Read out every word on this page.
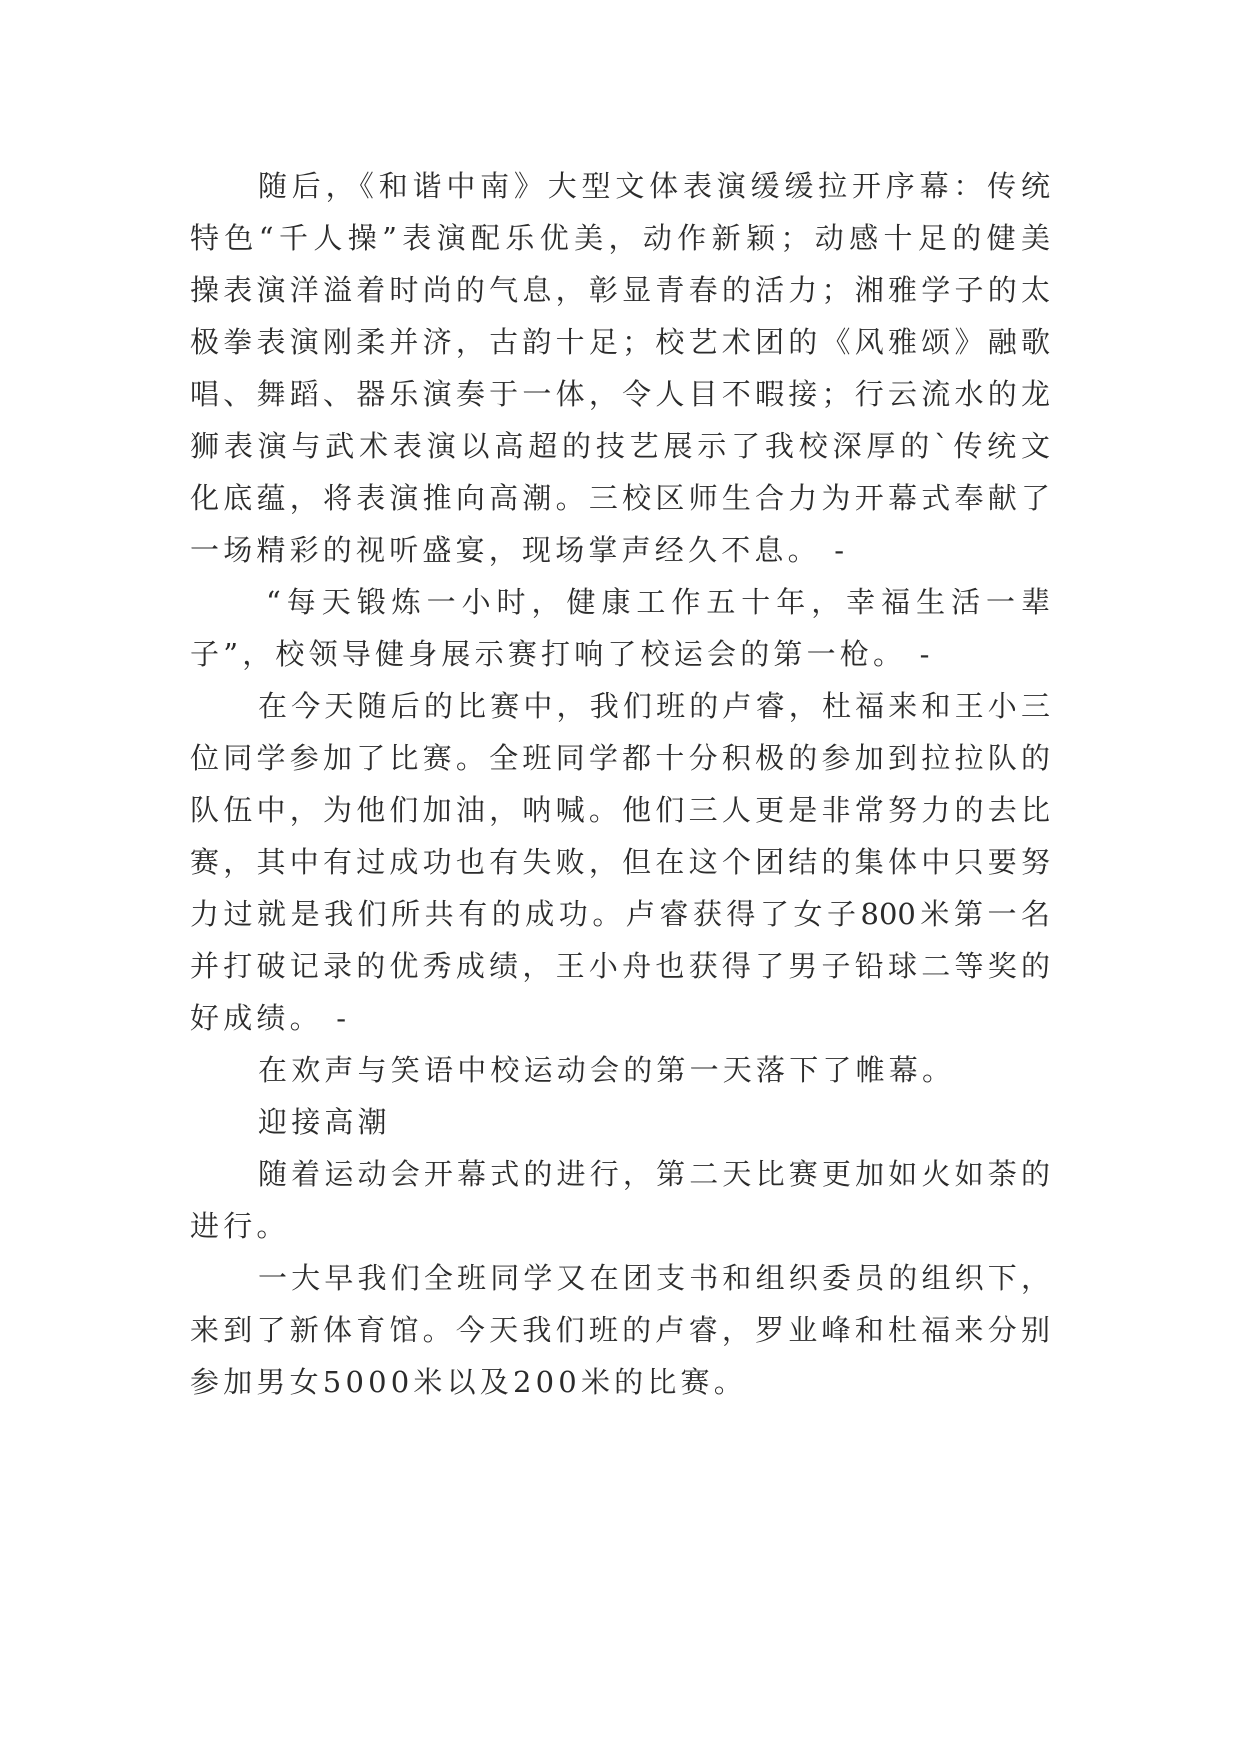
随后，《和谐中南》大型文体表演缓缓拉开序幕：传统
特色“千人操”表演配乐优美，动作新颖；动感十足的健美
操表演洋溢着时尚的气息，彰显青春的活力；湘雅学子的太
极拳表演刚柔并济，古韵十足；校艺术团的《风雅颂》融歌
唱、舞蹈、器乐演奏于一体，令人目不暇接；行云流水的龙
狮表演与武术表演以高超的技艺展示了我校深厚的`传统文
化底蕴，将表演推向高潮。三校区师生合力为开幕式奉献了
一场精彩的视听盛宴，现场掌声经久不息。 -
“每天锻炼一小时，健康工作五十年，幸福生活一辈
子”，校领导健身展示赛打响了校运会的第一枪。 -
在今天随后的比赛中，我们班的卢睿，杜福来和王小三
位同学参加了比赛。全班同学都十分积极的参加到拉拉队的
队伍中，为他们加油，呐喊。他们三人更是非常努力的去比
赛，其中有过成功也有失败，但在这个团结的集体中只要努
力过就是我们所共有的成功。卢睿获得了女子800米第一名
并打破记录的优秀成绩，王小舟也获得了男子铅球二等奖的
好成绩。 -
在欢声与笑语中校运动会的第一天落下了帷幕。
迎接高潮
随着运动会开幕式的进行，第二天比赛更加如火如荼的
进行。
一大早我们全班同学又在团支书和组织委员的组织下，
来到了新体育馆。今天我们班的卢睿，罗业峰和杜福来分别
参加男女5000米以及200米的比赛。
